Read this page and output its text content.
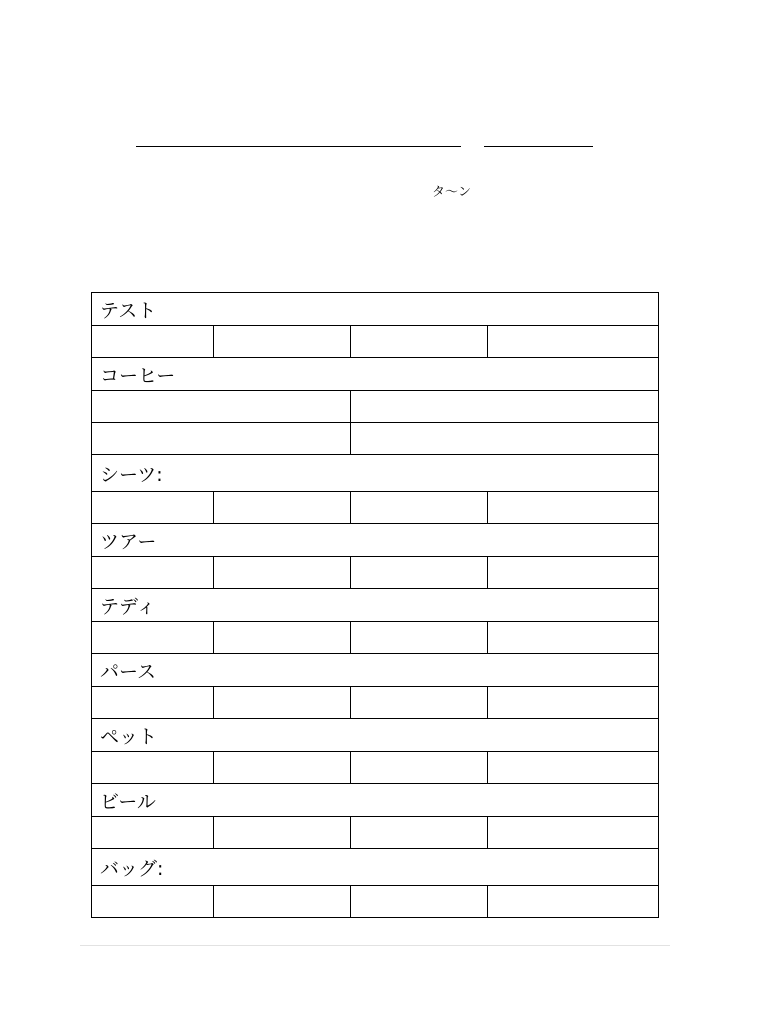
タ〜ン
テスト			

コーヒー			

シーツ:			

ツアー			

テディ			

パース			

ペット			

ビール			

バッグ:			
